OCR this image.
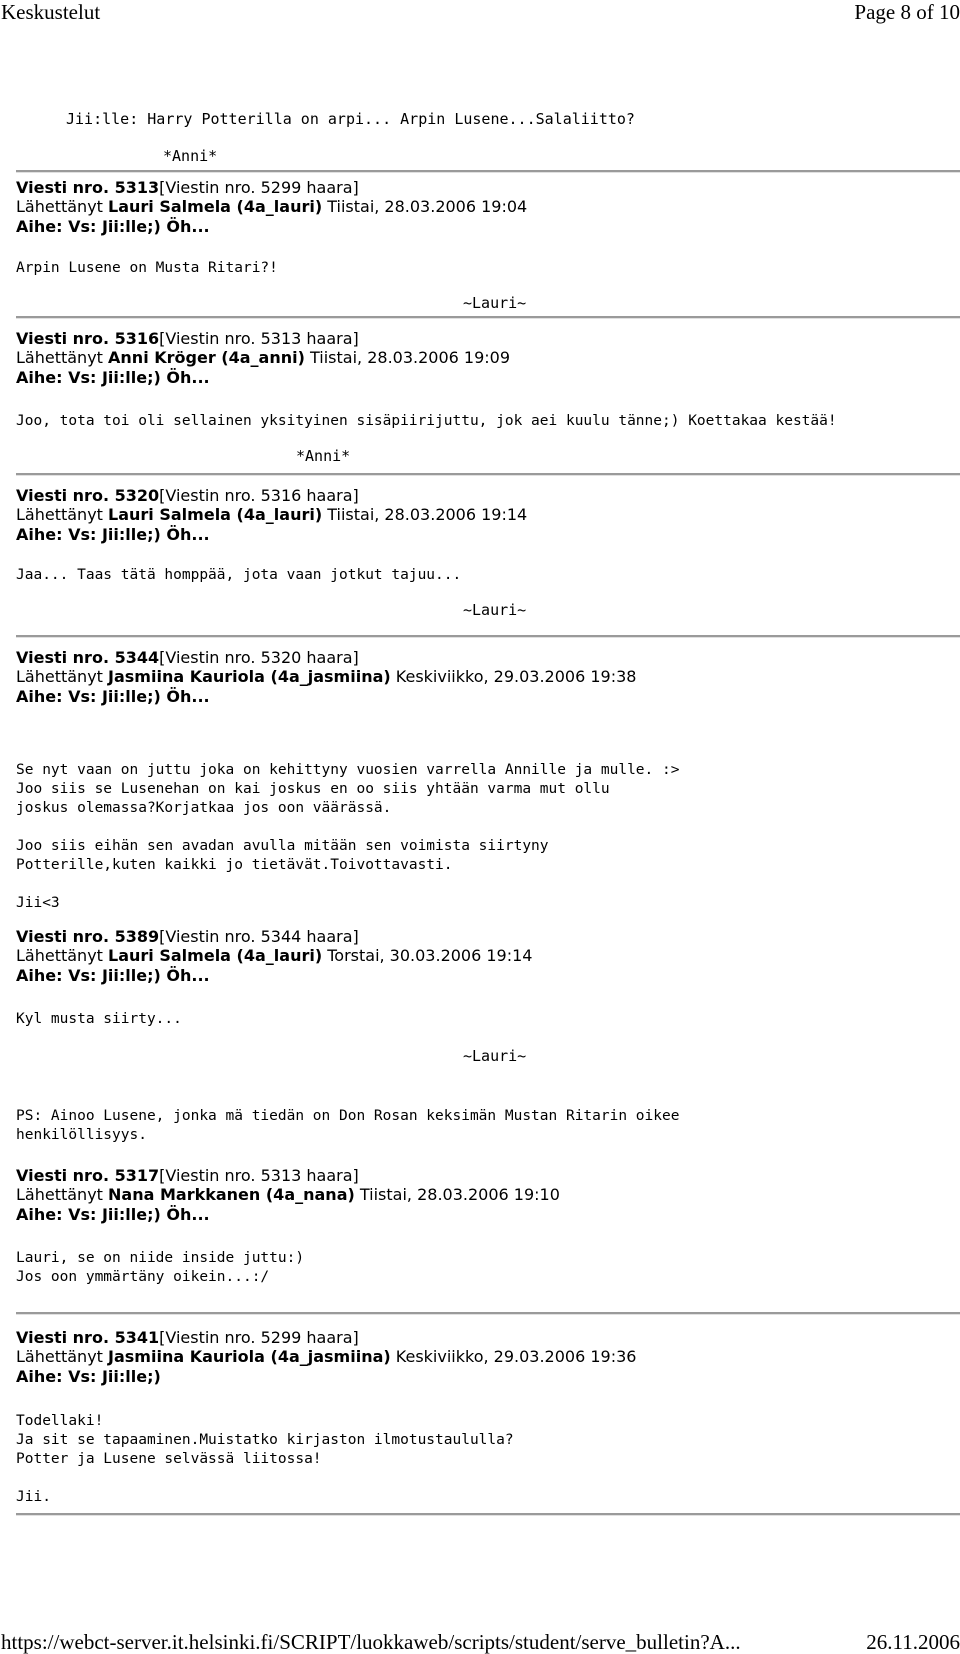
Keskustelut	Page 8 of 10
Jii:lle: Harry Potterilla on arpi... Arpin Lusene...Salaliitto?
*Anni*
Viesti nro. 5313[Viestin nro. 5299 haara]
Lähettänyt Lauri Salmela (4a_lauri) Tiistai, 28.03.2006 19:04
Aihe: Vs: Jii:lle;) Öh...
Arpin Lusene on Musta Ritari?!
~Lauri~
Viesti nro. 5316[Viestin nro. 5313 haara]
Lähettänyt Anni Kröger (4a_anni) Tiistai, 28.03.2006 19:09
Aihe: Vs: Jii:lle;) Öh...
Joo, tota toi oli sellainen yksityinen sisäpiirijuttu, jok aei kuulu tänne;) Koettakaa kestää!
*Anni*
Viesti nro. 5320[Viestin nro. 5316 haara]
Lähettänyt Lauri Salmela (4a_lauri) Tiistai, 28.03.2006 19:14
Aihe: Vs: Jii:lle;) Öh...
Jaa... Taas tätä homppää, jota vaan jotkut tajuu...
~Lauri~
Viesti nro. 5344[Viestin nro. 5320 haara]
Lähettänyt Jasmiina Kauriola (4a_jasmiina) Keskiviikko, 29.03.2006 19:38
Aihe: Vs: Jii:lle;) Öh...
Se nyt vaan on juttu joka on kehittyny vuosien varrella Annille ja mulle. :>
Joo siis se Lusenehan on kai joskus en oo siis yhtään varma mut ollu
joskus olemassa?Korjatkaa jos oon väärässä.

Joo siis eihän sen avadan avulla mitään sen voimista siirtyny
Potterille,kuten kaikki jo tietävät.Toivottavasti.

Jii<3
Viesti nro. 5389[Viestin nro. 5344 haara]
Lähettänyt Lauri Salmela (4a_lauri) Torstai, 30.03.2006 19:14
Aihe: Vs: Jii:lle;) Öh...
Kyl musta siirty...
~Lauri~
PS: Ainoo Lusene, jonka mä tiedän on Don Rosan keksimän Mustan Ritarin oikee
henkilöllisyys.
Viesti nro. 5317[Viestin nro. 5313 haara]
Lähettänyt Nana Markkanen (4a_nana) Tiistai, 28.03.2006 19:10
Aihe: Vs: Jii:lle;) Öh...
Lauri, se on niide inside juttu:)
Jos oon ymmärtäny oikein...:/
Viesti nro. 5341[Viestin nro. 5299 haara]
Lähettänyt Jasmiina Kauriola (4a_jasmiina) Keskiviikko, 29.03.2006 19:36
Aihe: Vs: Jii:lle;)
Todellaki!
Ja sit se tapaaminen.Muistatko kirjaston ilmotustaululla?
Potter ja Lusene selvässä liitossa!

Jii.
https://webct-server.it.helsinki.fi/SCRIPT/luokkaweb/scripts/student/serve_bulletin?A...	26.11.2006
